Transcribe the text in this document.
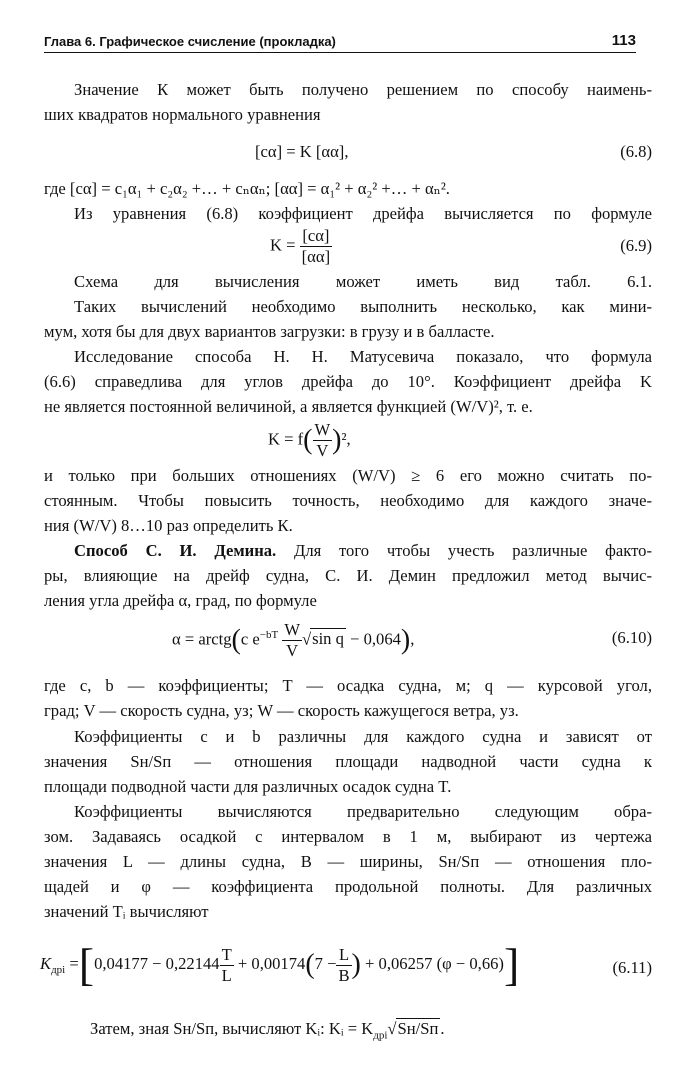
Глава 6. Графическое счисление (прокладка)	113
Значение К может быть получено решением по способу наимень-
ших квадратов нормального уравнения
[cα] = K [αα],	(6.8)
где [cα] = c₁α₁ + c₂α₂ +… + cₙαₙ; [αα] = α₁² + α₂² +… + αₙ².
Из уравнения (6.8) коэффициент дрейфа вычисляется по формуле
$K = \frac{[c\alpha]}{[\alpha\alpha]}$	(6.9)
Схема для вычисления может иметь вид табл. 6.1.
Таких вычислений необходимо выполнить несколько, как мини-
мум, хотя бы для двух вариантов загрузки: в грузу и в балласте.
Исследование способа Н. Н. Матусевича показало, что формула
(6.6) справедлива для углов дрейфа до 10°. Коэффициент дрейфа K
не является постоянной величиной, а является функцией (W/V)², т. е.
$K = f( \frac{W}{V} )^2$,
и только при больших отношениях (W/V) ≥ 6 его можно считать по-
стоянным. Чтобы повысить точность, необходимо для каждого значе-
ния (W/V) 8…10 раз определить К.
Способ С. И. Демина. Для того чтобы учесть различные факто-
ры, влияющие на дрейф судна, С. И. Демин предложил метод вычис-
ления угла дрейфа α, град, по формуле
α = arctg(c $e^{-bT} \frac{W}{V} √\sin$ q − 0,064),	(6.10)
где c, b — коэффициенты; T — осадка судна, м; q — курсовой угол,
град; V — скорость судна, уз; W — скорость кажущегося ветра, уз.
Коэффициенты c и b различны для каждого судна и зависят от
значения Sн/Sп — отношения площади надводной части судна к
площади подводной части для различных осадок судна T.
Коэффициенты вычисляются предварительно следующим обра-
зом. Задаваясь осадкой с интервалом в 1 м, выбирают из чертежа
значения L — длины судна, B — ширины, Sн/Sп — отношения пло-
щадей и φ — коэффициента продольной полноты. Для различных
значений Tᵢ вычисляют
$K_{дрi} =[0,04177 - 0,22144 \frac{T}{L} + 0,00174(7 - \frac{L}{B}$ ) + 0,06257 (φ − 0,66)]	(6.11)
Затем, зная Sн/Sп, вычисляют Kᵢ: Kᵢ = $K_{дрi}√Sн/Sп$ .
